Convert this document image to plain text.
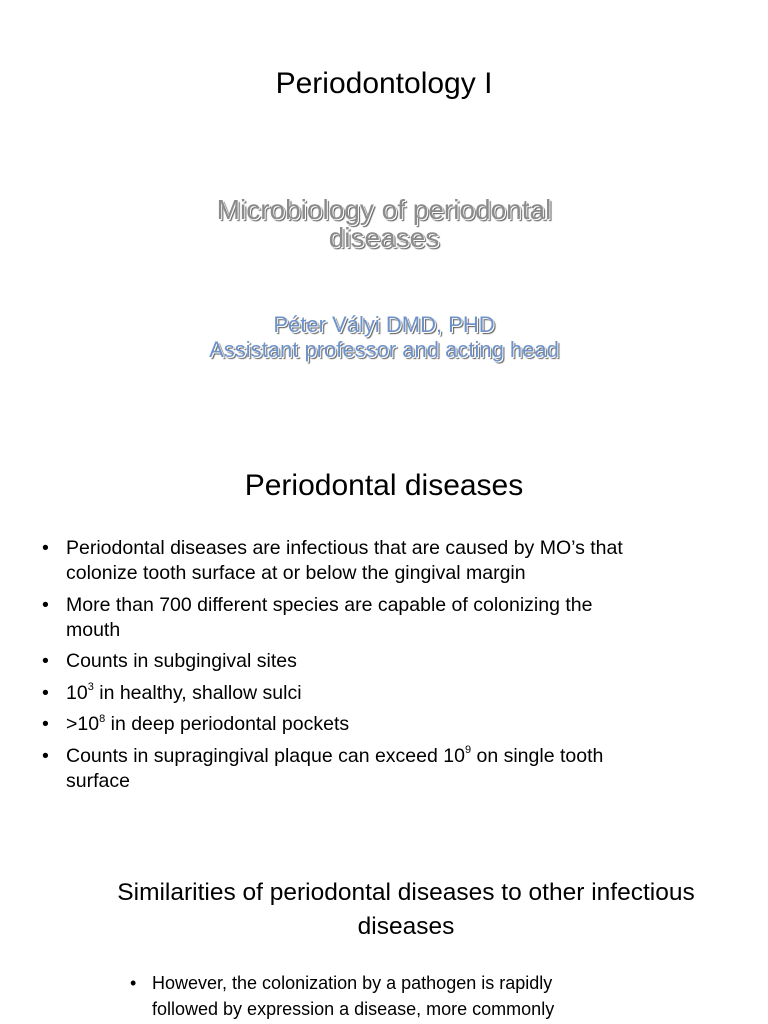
Periodontology I
Microbiology of periodontal
diseases
Péter Vályi DMD, PHD
Assistant professor and acting head
Periodontal diseases
• Periodontal diseases are infectious that are caused by MO’s that
colonize tooth surface at or below the gingival margin
• More than 700 different species are capable of colonizing the
mouth
• Counts in subgingival sites
• $10^3$ in healthy, shallow sulci
• $>10^8$ in deep periodontal pockets
• Counts in supragingival plaque can exceed $10^9$ on single tooth
surface
Similarities of periodontal diseases to other infectious
diseases
• However, the colonization by a pathogen is rapidly
followed by expression a disease, more commonly
